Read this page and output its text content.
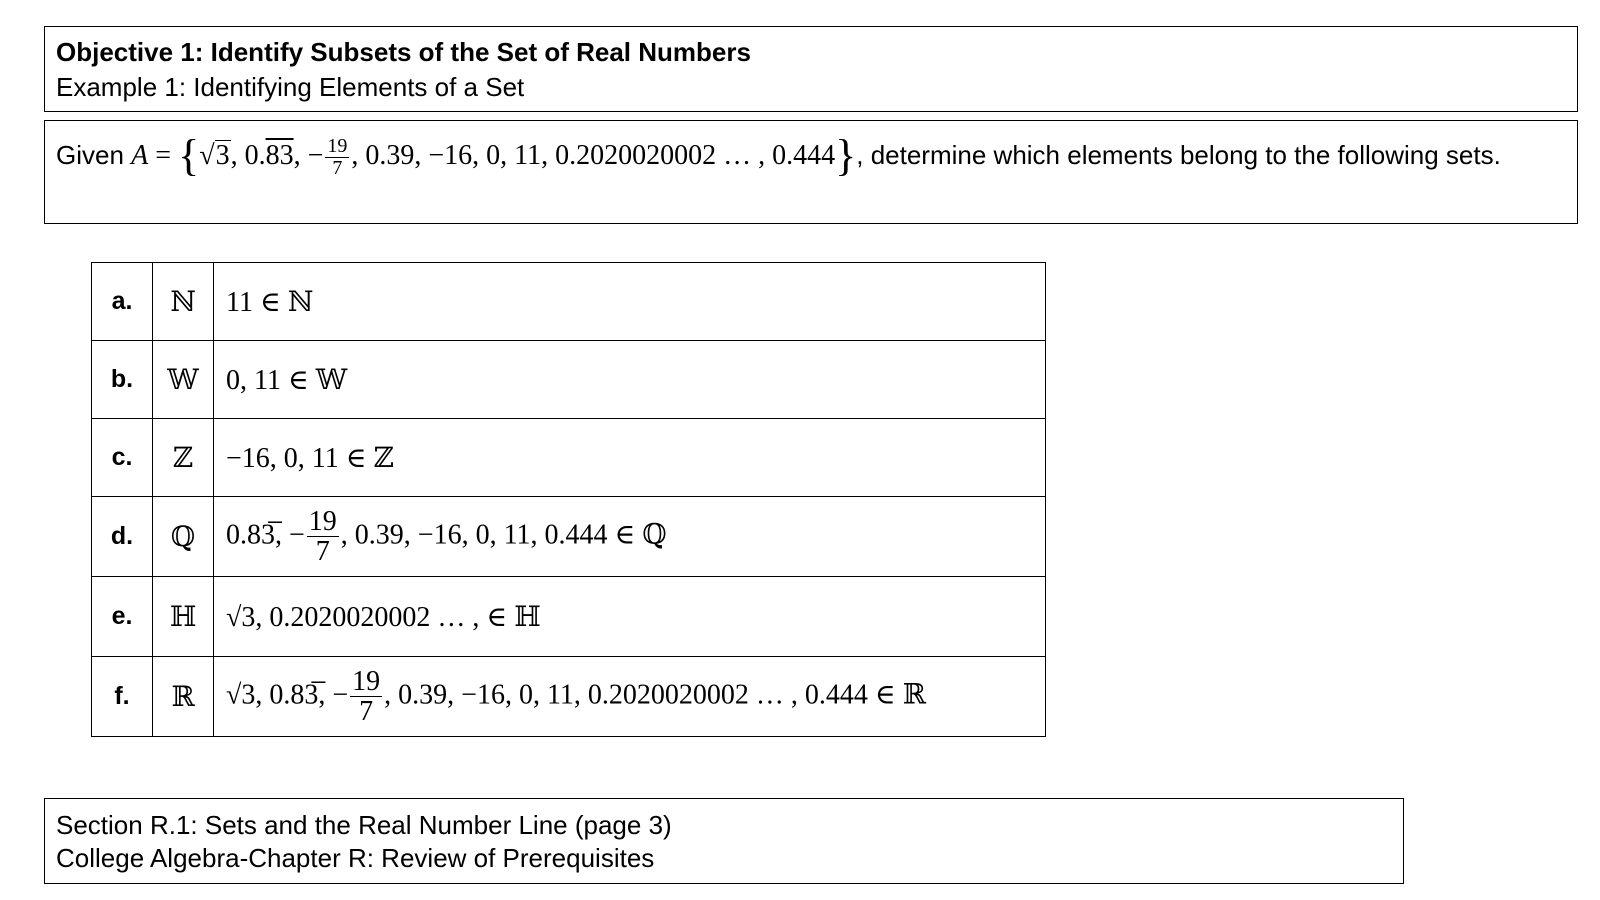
Objective 1: Identify Subsets of the Set of Real Numbers
Example 1: Identifying Elements of a Set
Given A = {√3, 0.83, − $\frac{19}{7}$ , 0.39, −16, 0, 11, 0.2020020002 … , 0.444}, determine which elements belong to the following sets.
a.	ℕ	11 ∈ ℕ
b.	𝕎	0, 11 ∈ 𝕎
c.	ℤ	−16, 0, 11 ∈ ℤ
d.	ℚ	0.83̅, − $\frac{19}{7}$ , 0.39, −16, 0, 11, 0.444 ∈ ℚ
e.	ℍ	√3, 0.2020020002 … , ∈ ℍ
f.	ℝ	√3, 0.83̅, − $\frac{19}{7}$ , 0.39, −16, 0, 11, 0.2020020002 … , 0.444 ∈ ℝ
Section R.1: Sets and the Real Number Line (page 3)
College Algebra-Chapter R: Review of Prerequisites
